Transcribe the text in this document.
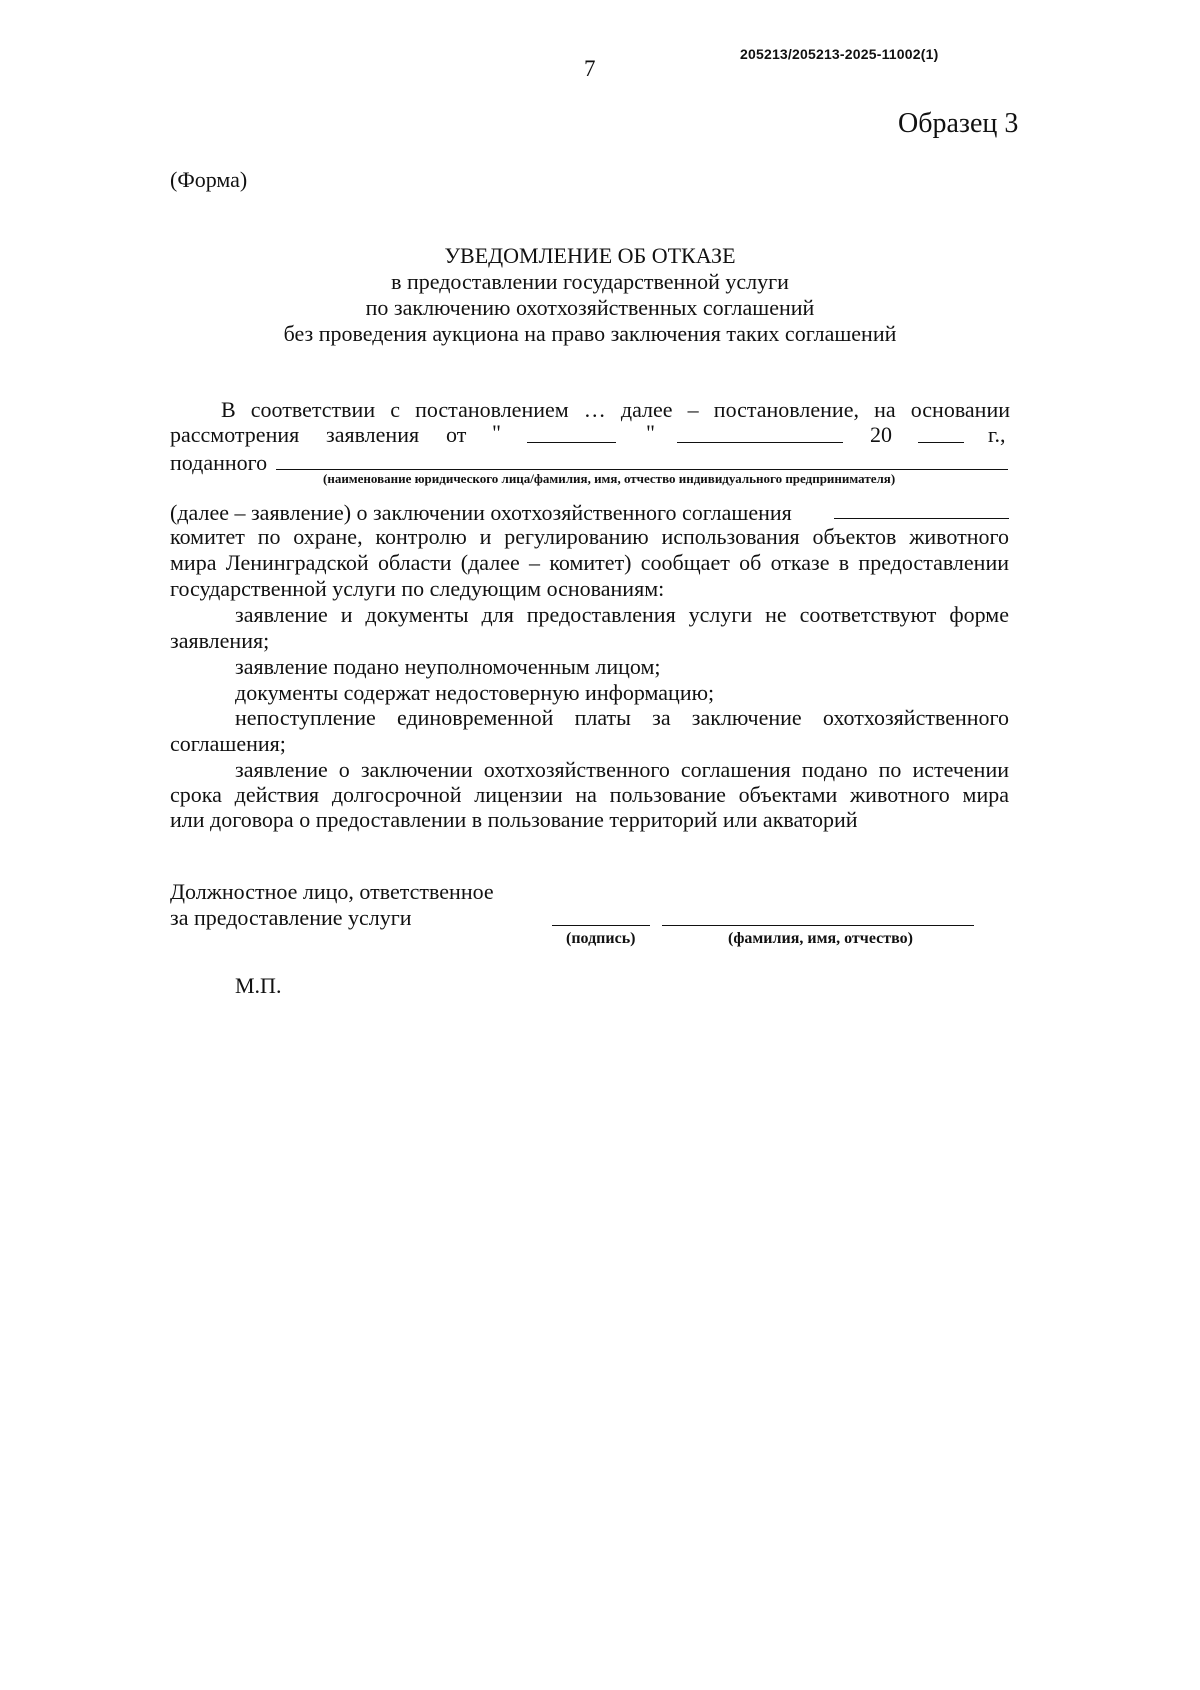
205213/205213-2025-11002(1)
7
Образец 3
(Форма)
УВЕДОМЛЕНИЕ ОБ ОТКАЗЕ
в предоставлении государственной услуги
по заключению охотхозяйственных соглашений
без проведения аукциона на право заключения таких соглашений
В соответствии с постановлением … далее – постановление, на основании
рассмотрения заявления от "	"	20	г.,
поданного
(наименование юридического лица/фамилия, имя, отчество индивидуального предпринимателя)
(далее – заявление) о заключении охотхозяйственного соглашения
комитет по охране, контролю и регулированию использования объектов животного
мира Ленинградской области (далее – комитет) сообщает об отказе в предоставлении
государственной услуги по следующим основаниям:
заявление и документы для предоставления услуги не соответствуют форме
заявления;
заявление подано неуполномоченным лицом;
документы содержат недостоверную информацию;
непоступление единовременной платы за заключение охотхозяйственного
соглашения;
заявление о заключении охотхозяйственного соглашения подано по истечении
срока действия долгосрочной лицензии на пользование объектами животного мира
или договора о предоставлении в пользование территорий или акваторий
Должностное лицо, ответственное
за предоставление услуги
(подпись)	(фамилия, имя, отчество)
М.П.
